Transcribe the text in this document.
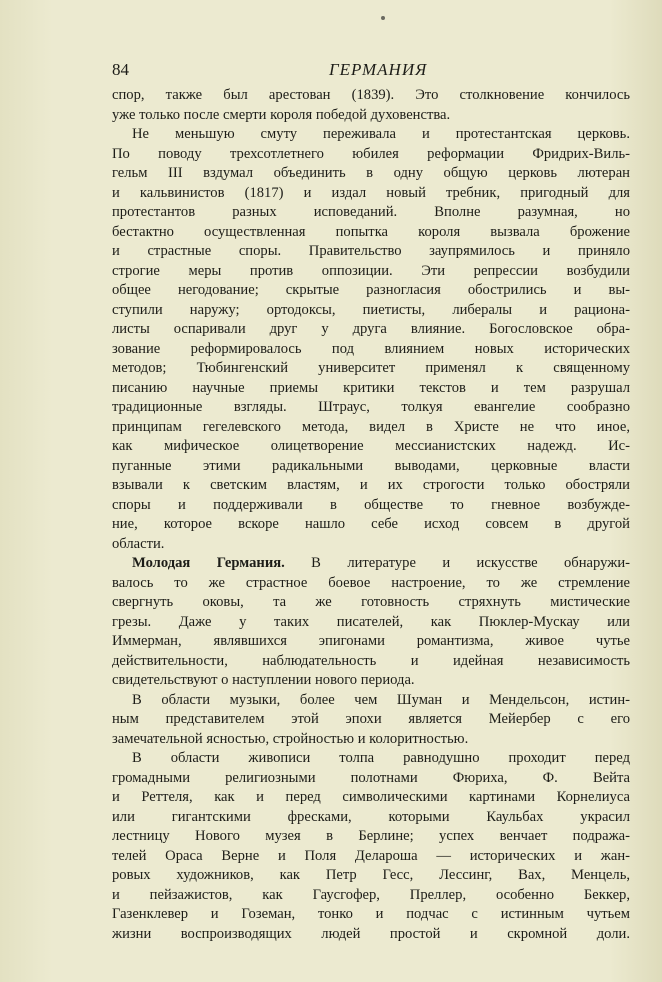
84	ГЕРМАНИЯ
спор, также был арестован (1839). Это столкновение кончилось
уже только после смерти короля победой духовенства.
Не меньшую смуту переживала и протестантская церковь.
По поводу трехсотлетнего юбилея реформации Фридрих-Виль-
гельм III вздумал объединить в одну общую церковь лютеран
и кальвинистов (1817) и издал новый требник, пригодный для
протестантов разных исповеданий. Вполне разумная, но
бестактно осуществленная попытка короля вызвала брожение
и страстные споры. Правительство заупрямилось и приняло
строгие меры против оппозиции. Эти репрессии возбудили
общее негодование; скрытые разногласия обострились и вы-
ступили наружу; ортодоксы, пиетисты, либералы и рациона-
листы оспаривали друг у друга влияние. Богословское обра-
зование реформировалось под влиянием новых исторических
методов; Тюбингенский университет применял к священному
писанию научные приемы критики текстов и тем разрушал
традиционные взгляды. Штраус, толкуя евангелие сообразно
принципам гегелевского метода, видел в Христе не что иное,
как мифическое олицетворение мессианистских надежд. Ис-
пуганные этими радикальными выводами, церковные власти
взывали к светским властям, и их строгости только обостряли
споры и поддерживали в обществе то гневное возбужде-
ние, которое вскоре нашло себе исход совсем в другой
области.
Молодая Германия. В литературе и искусстве обнаружи-
валось то же страстное боевое настроение, то же стремление
свергнуть оковы, та же готовность стряхнуть мистические
грезы. Даже у таких писателей, как Пюклер-Мускау или
Иммерман, являвшихся эпигонами романтизма, живое чутье
действительности, наблюдательность и идейная независимость
свидетельствуют о наступлении нового периода.
В области музыки, более чем Шуман и Мендельсон, истин-
ным представителем этой эпохи является Мейербер с его
замечательной ясностью, стройностью и колоритностью.
В области живописи толпа равнодушно проходит перед
громадными религиозными полотнами Фюриха, Ф. Вейта
и Реттеля, как и перед символическими картинами Корнелиуса
или гигантскими фресками, которыми Каульбах украсил
лестницу Нового музея в Берлине; успех венчает подража-
телей Ораса Верне и Поля Делароша — исторических и жан-
ровых художников, как Петр Гесс, Лессинг, Вах, Менцель,
и пейзажистов, как Гаусгофер, Преллер, особенно Беккер,
Газенклевер и Гоземан, тонко и подчас с истинным чутьем
жизни воспроизводящих людей простой и скромной доли.
